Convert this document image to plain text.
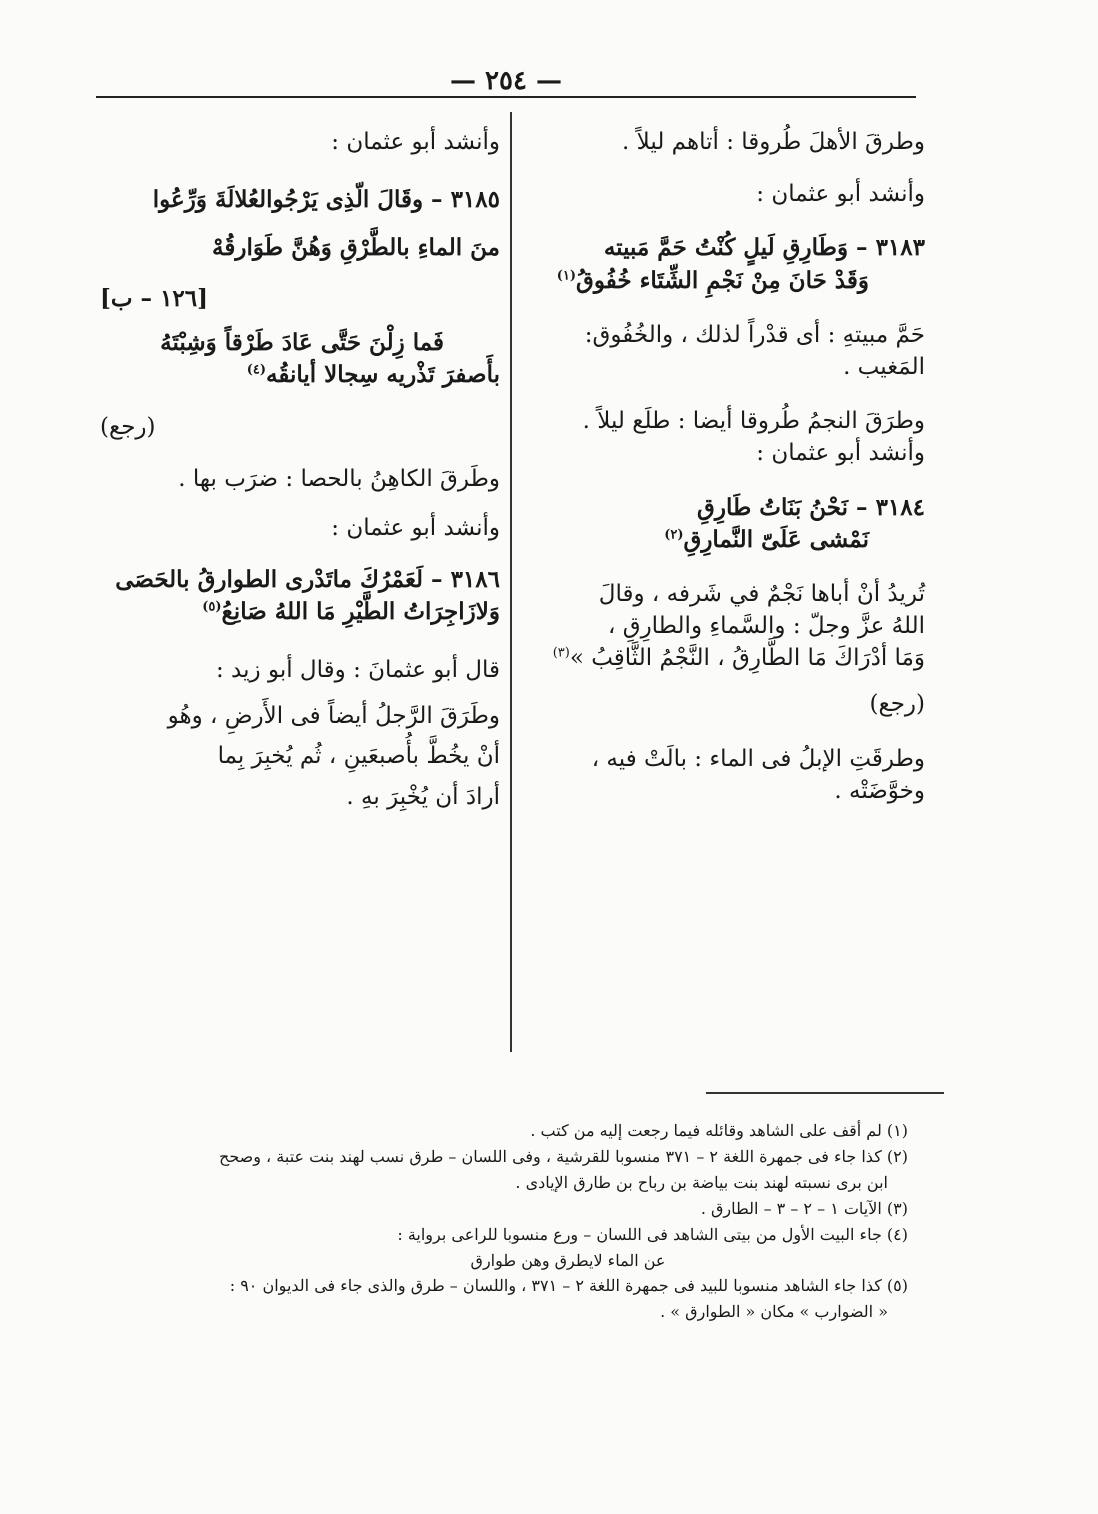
— ٢٥٤ —

وطرقَ الأهلَ طُروقا : أتاهم ليلاً .

وأنشد أبو عثمان :

٣١٨٣ – وَطَارِقِ لَيلٍ كُنْتُ حَمَّ مَبيته

وَقَدْ حَانَ مِنْ نَجْمِ الشِّتَاء خُفُوقُ$^{(١)}$

حَمَّ مبيتهِ : أى قدْراً لذلك ، والخُفُوق:

المَغيب .

وطرَقَ النجمُ طُروقا أيضا : طلَع ليلاً .

وأنشد أبو عثمان :

٣١٨٤ – نَحْنُ بَنَاتُ طَارِقِ

نَمْشى عَلَىّ النَّمارِقِ$^{(٢)}$

تُريدُ أنْ أباها نَجْمٌ في شَرفه ، وقالَ

اللهُ عزَّ وجلّ : والسَّماءِ والطارِقِ ،

وَمَا أدْرَاكَ مَا الطَّارِقُ ، النَّجْمُ الثَّاقِبُ »$^{(٣)}$

(رجع)

وطرقَتِ الإبلُ فى الماء : بالَتْ فيه ،

وخوَّضَتْه .

وأنشد أبو عثمان :

٣١٨٥ – وقَالَ الّذِى يَرْجُوالعُلالَةَ وَرِّعُوا

منَ الماءِ بالطَّرْقِ وَهُنَّ طَوَارقُهْ

[١٢٦ – ب]

فَما زِلْنَ حَتَّى عَادَ طَرْقاً وَشِبْتَهُ

بأَصفرَ تَذْريه سِجالا أيانقُه$^{(٤)}$

(رجع)

وطَرقَ الكاهِنُ بالحصا : ضرَب بها .

وأنشد أبو عثمان :

٣١٨٦ – لَعَمْرُكَ ماتَدْرى الطوارقُ بالحَصَى

وَلازَاجِرَاتُ الطَّيْرِ مَا اللهُ صَانِعُ$^{(٥)}$

قال أبو عثمانَ : وقال أبو زيد :

وطَرَقَ الرَّجلُ أيضاً فى الأَرضِ ، وهُو

أنْ يخُطَّ بأُصبعَينِ ، ثُم يُخبِرَ بِما

أرادَ أن يُخْبِرَ بهِ .

(١) لم أقف على الشاهد وقائله فيما رجعت إليه من كتب .

(٢) كذا جاء فى جمهرة اللغة ٢ – ٣٧١ منسوبا للقرشية ، وفى اللسان – طرق نسب لهند بنت عتبة ، وصحح

ابن برى نسبته لهند بنت بياضة بن رباح بن طارق الإيادى .

(٣) الآيات ١ – ٢ – ٣ – الطارق .

(٤) جاء البيت الأول من بيتى الشاهد فى اللسان – ورع منسوبا للراعى برواية :

عن الماء لايطرق وهن طوارق

(٥) كذا جاء الشاهد منسوبا للبيد فى جمهرة اللغة ٢ – ٣٧١ ، واللسان – طرق والذى جاء فى الديوان ٩٠ :

« الضوارب » مكان « الطوارق » .
